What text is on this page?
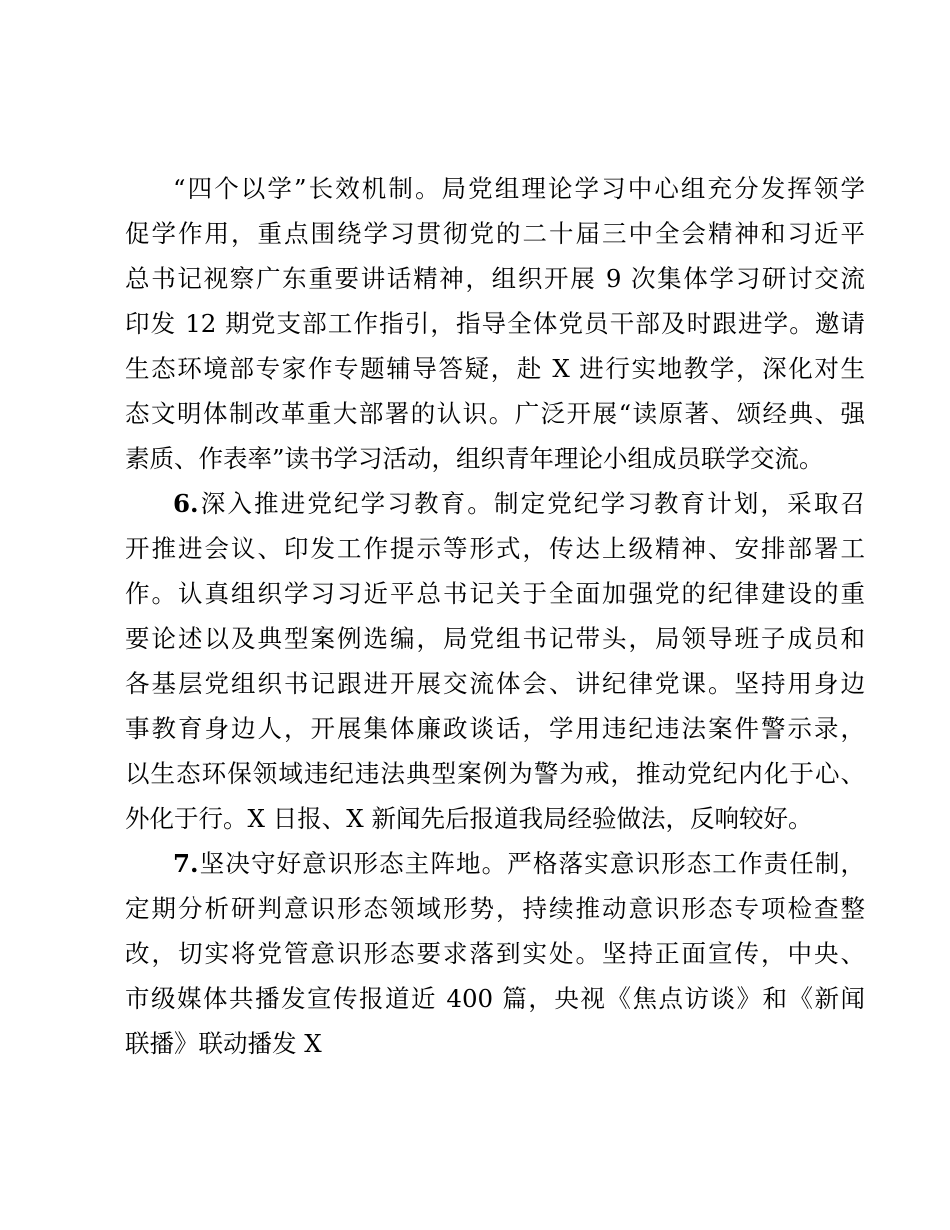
“四个以学”长效机制。局党组理论学习中心组充分发挥领学
促学作用，重点围绕学习贯彻党的二十届三中全会精神和习近平
总书记视察广东重要讲话精神，组织开展 9 次集体学习研讨交流
印发 12 期党支部工作指引，指导全体党员干部及时跟进学。邀请
生态环境部专家作专题辅导答疑，赴 X 进行实地教学，深化对生
态文明体制改革重大部署的认识。广泛开展“读原著、颂经典、强
素质、作表率”读书学习活动，组织青年理论小组成员联学交流。
6.深入推进党纪学习教育。制定党纪学习教育计划，采取召
开推进会议、印发工作提示等形式，传达上级精神、安排部署工
作。认真组织学习习近平总书记关于全面加强党的纪律建设的重
要论述以及典型案例选编，局党组书记带头，局领导班子成员和
各基层党组织书记跟进开展交流体会、讲纪律党课。坚持用身边
事教育身边人，开展集体廉政谈话，学用违纪违法案件警示录，
以生态环保领域违纪违法典型案例为警为戒，推动党纪内化于心、
外化于行。X 日报、X 新闻先后报道我局经验做法，反响较好。
7.坚决守好意识形态主阵地。严格落实意识形态工作责任制，
定期分析研判意识形态领域形势，持续推动意识形态专项检查整
改，切实将党管意识形态要求落到实处。坚持正面宣传，中央、
市级媒体共播发宣传报道近 400 篇，央视《焦点访谈》和《新闻
联播》联动播发 X
